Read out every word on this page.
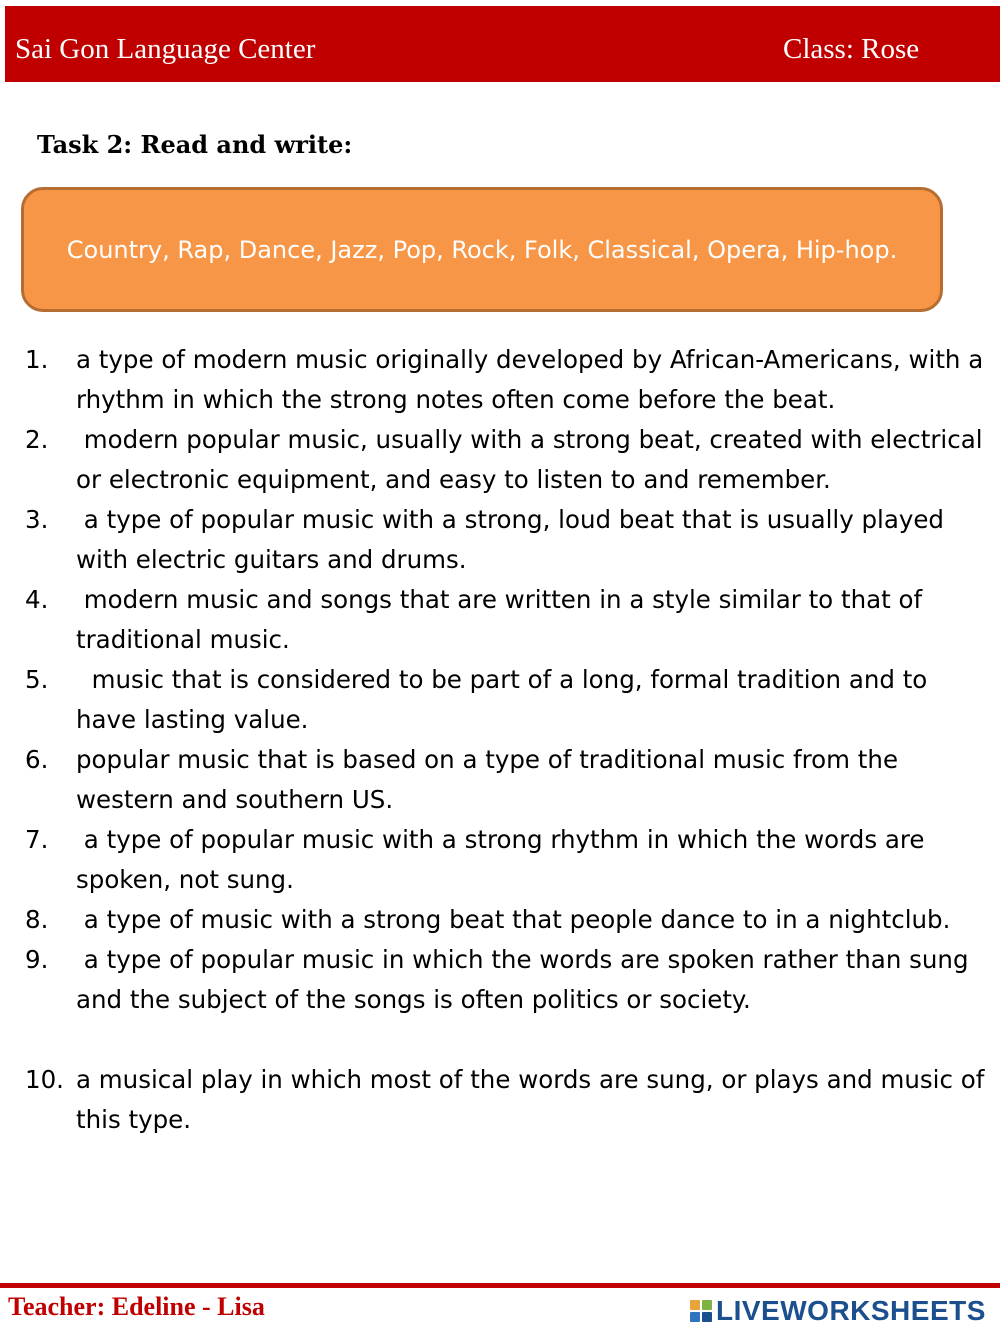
Sai Gon Language Center	Class: Rose
Task 2: Read and write:
Country, Rap, Dance, Jazz, Pop, Rock, Folk, Classical, Opera, Hip-hop.
1.	a type of modern music originally developed by African-Americans, with a rhythm in which the strong notes often come before the beat.
2.	modern popular music, usually with a strong beat, created with electrical or electronic equipment, and easy to listen to and remember.
3.	a type of popular music with a strong, loud beat that is usually played with electric guitars and drums.
4.	modern music and songs that are written in a style similar to that of traditional music.
5.	music that is considered to be part of a long, formal tradition and to have lasting value.
6.	popular music that is based on a type of traditional music from the western and southern US.
7.	a type of popular music with a strong rhythm in which the words are spoken, not sung.
8.	a type of music with a strong beat that people dance to in a nightclub.
9.	a type of popular music in which the words are spoken rather than sung and the subject of the songs is often politics or society.
10. a musical play in which most of the words are sung, or plays and music of this type.
Teacher: Edeline - Lisa	LIVEWORKSHEETS
